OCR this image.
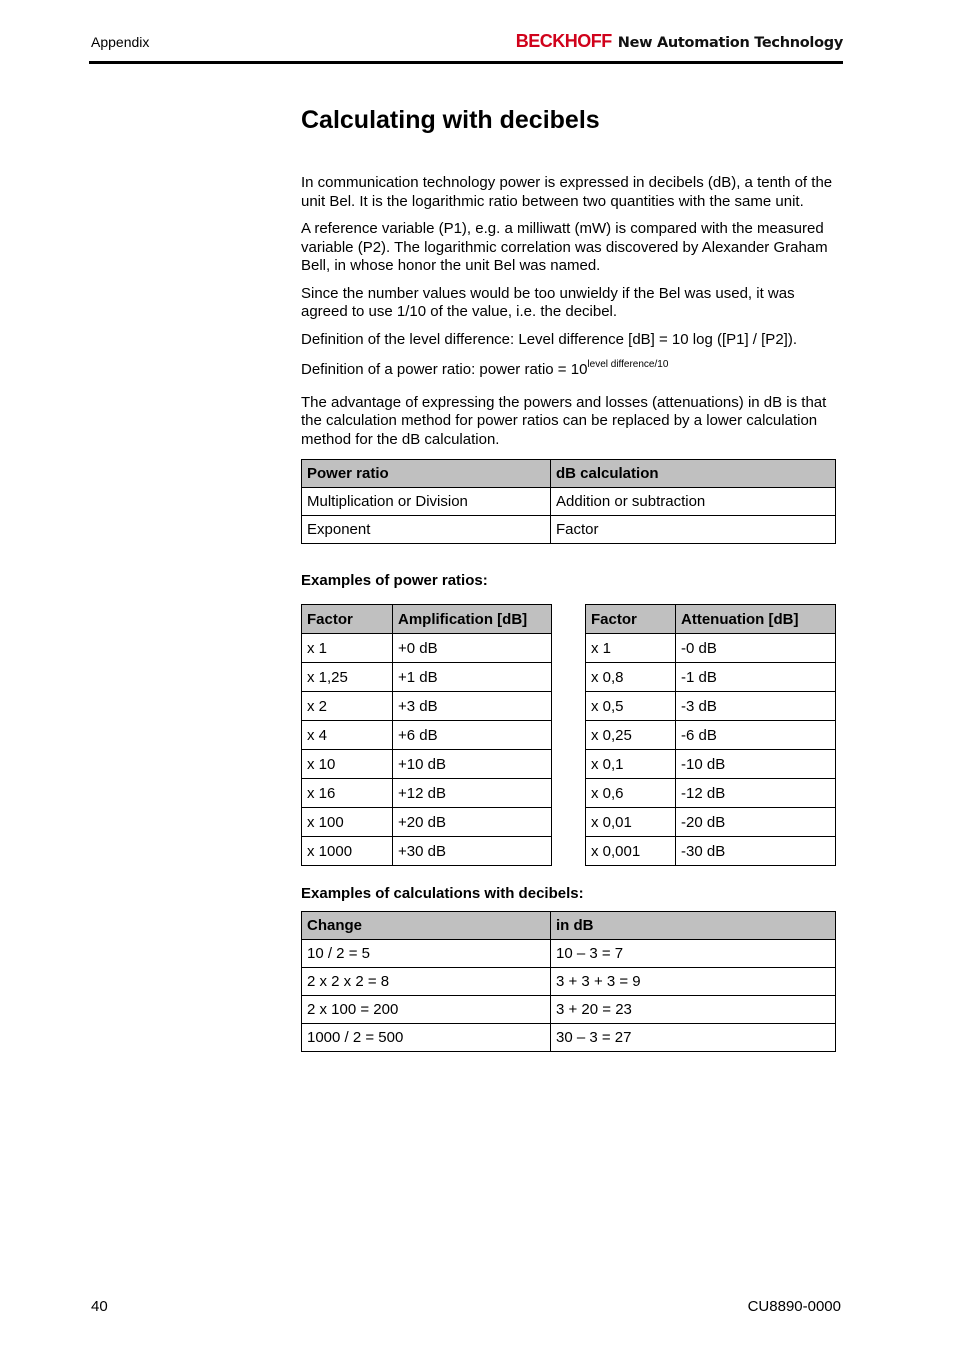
Appendix	BECKHOFF New Automation Technology
Calculating with decibels

In communication technology power is expressed in decibels (dB), a tenth of the unit Bel. It is the logarithmic ratio between two quantities with the same unit.

A reference variable (P1), e.g. a milliwatt (mW) is compared with the measured variable (P2). The logarithmic correlation was discovered by Alexander Graham Bell, in whose honor the unit Bel was named.

Since the number values would be too unwieldy if the Bel was used, it was agreed to use 1/10 of the value, i.e. the decibel.

Definition of the level difference: Level difference [dB] = 10 log ([P1] / [P2]).

Definition of a power ratio: power ratio = $10^{level difference/10}$

The advantage of expressing the powers and losses (attenuations) in dB is that the calculation method for power ratios can be replaced by a lower calculation method for the dB calculation.

Power ratio	dB calculation
Multiplication or Division	Addition or subtraction
Exponent	Factor
Examples of power ratios:
Factor	Amplification [dB]
x 1	+0 dB
x 1,25	+1 dB
x 2	+3 dB
x 4	+6 dB
x 10	+10 dB
x 16	+12 dB
x 100	+20 dB
x 1000	+30 dB
Factor	Attenuation [dB]
x 1	-0 dB
x 0,8	-1 dB
x 0,5	-3 dB
x 0,25	-6 dB
x 0,1	-10 dB
x 0,6	-12 dB
x 0,01	-20 dB
x 0,001	-30 dB
Examples of calculations with decibels:
Change	in dB
10 / 2 = 5	10 – 3 = 7
2 x 2 x 2 = 8	3 + 3 + 3 = 9
2 x 100 = 200	3 + 20 = 23
1000 / 2 = 500	30 – 3 = 27
40	CU8890-0000
